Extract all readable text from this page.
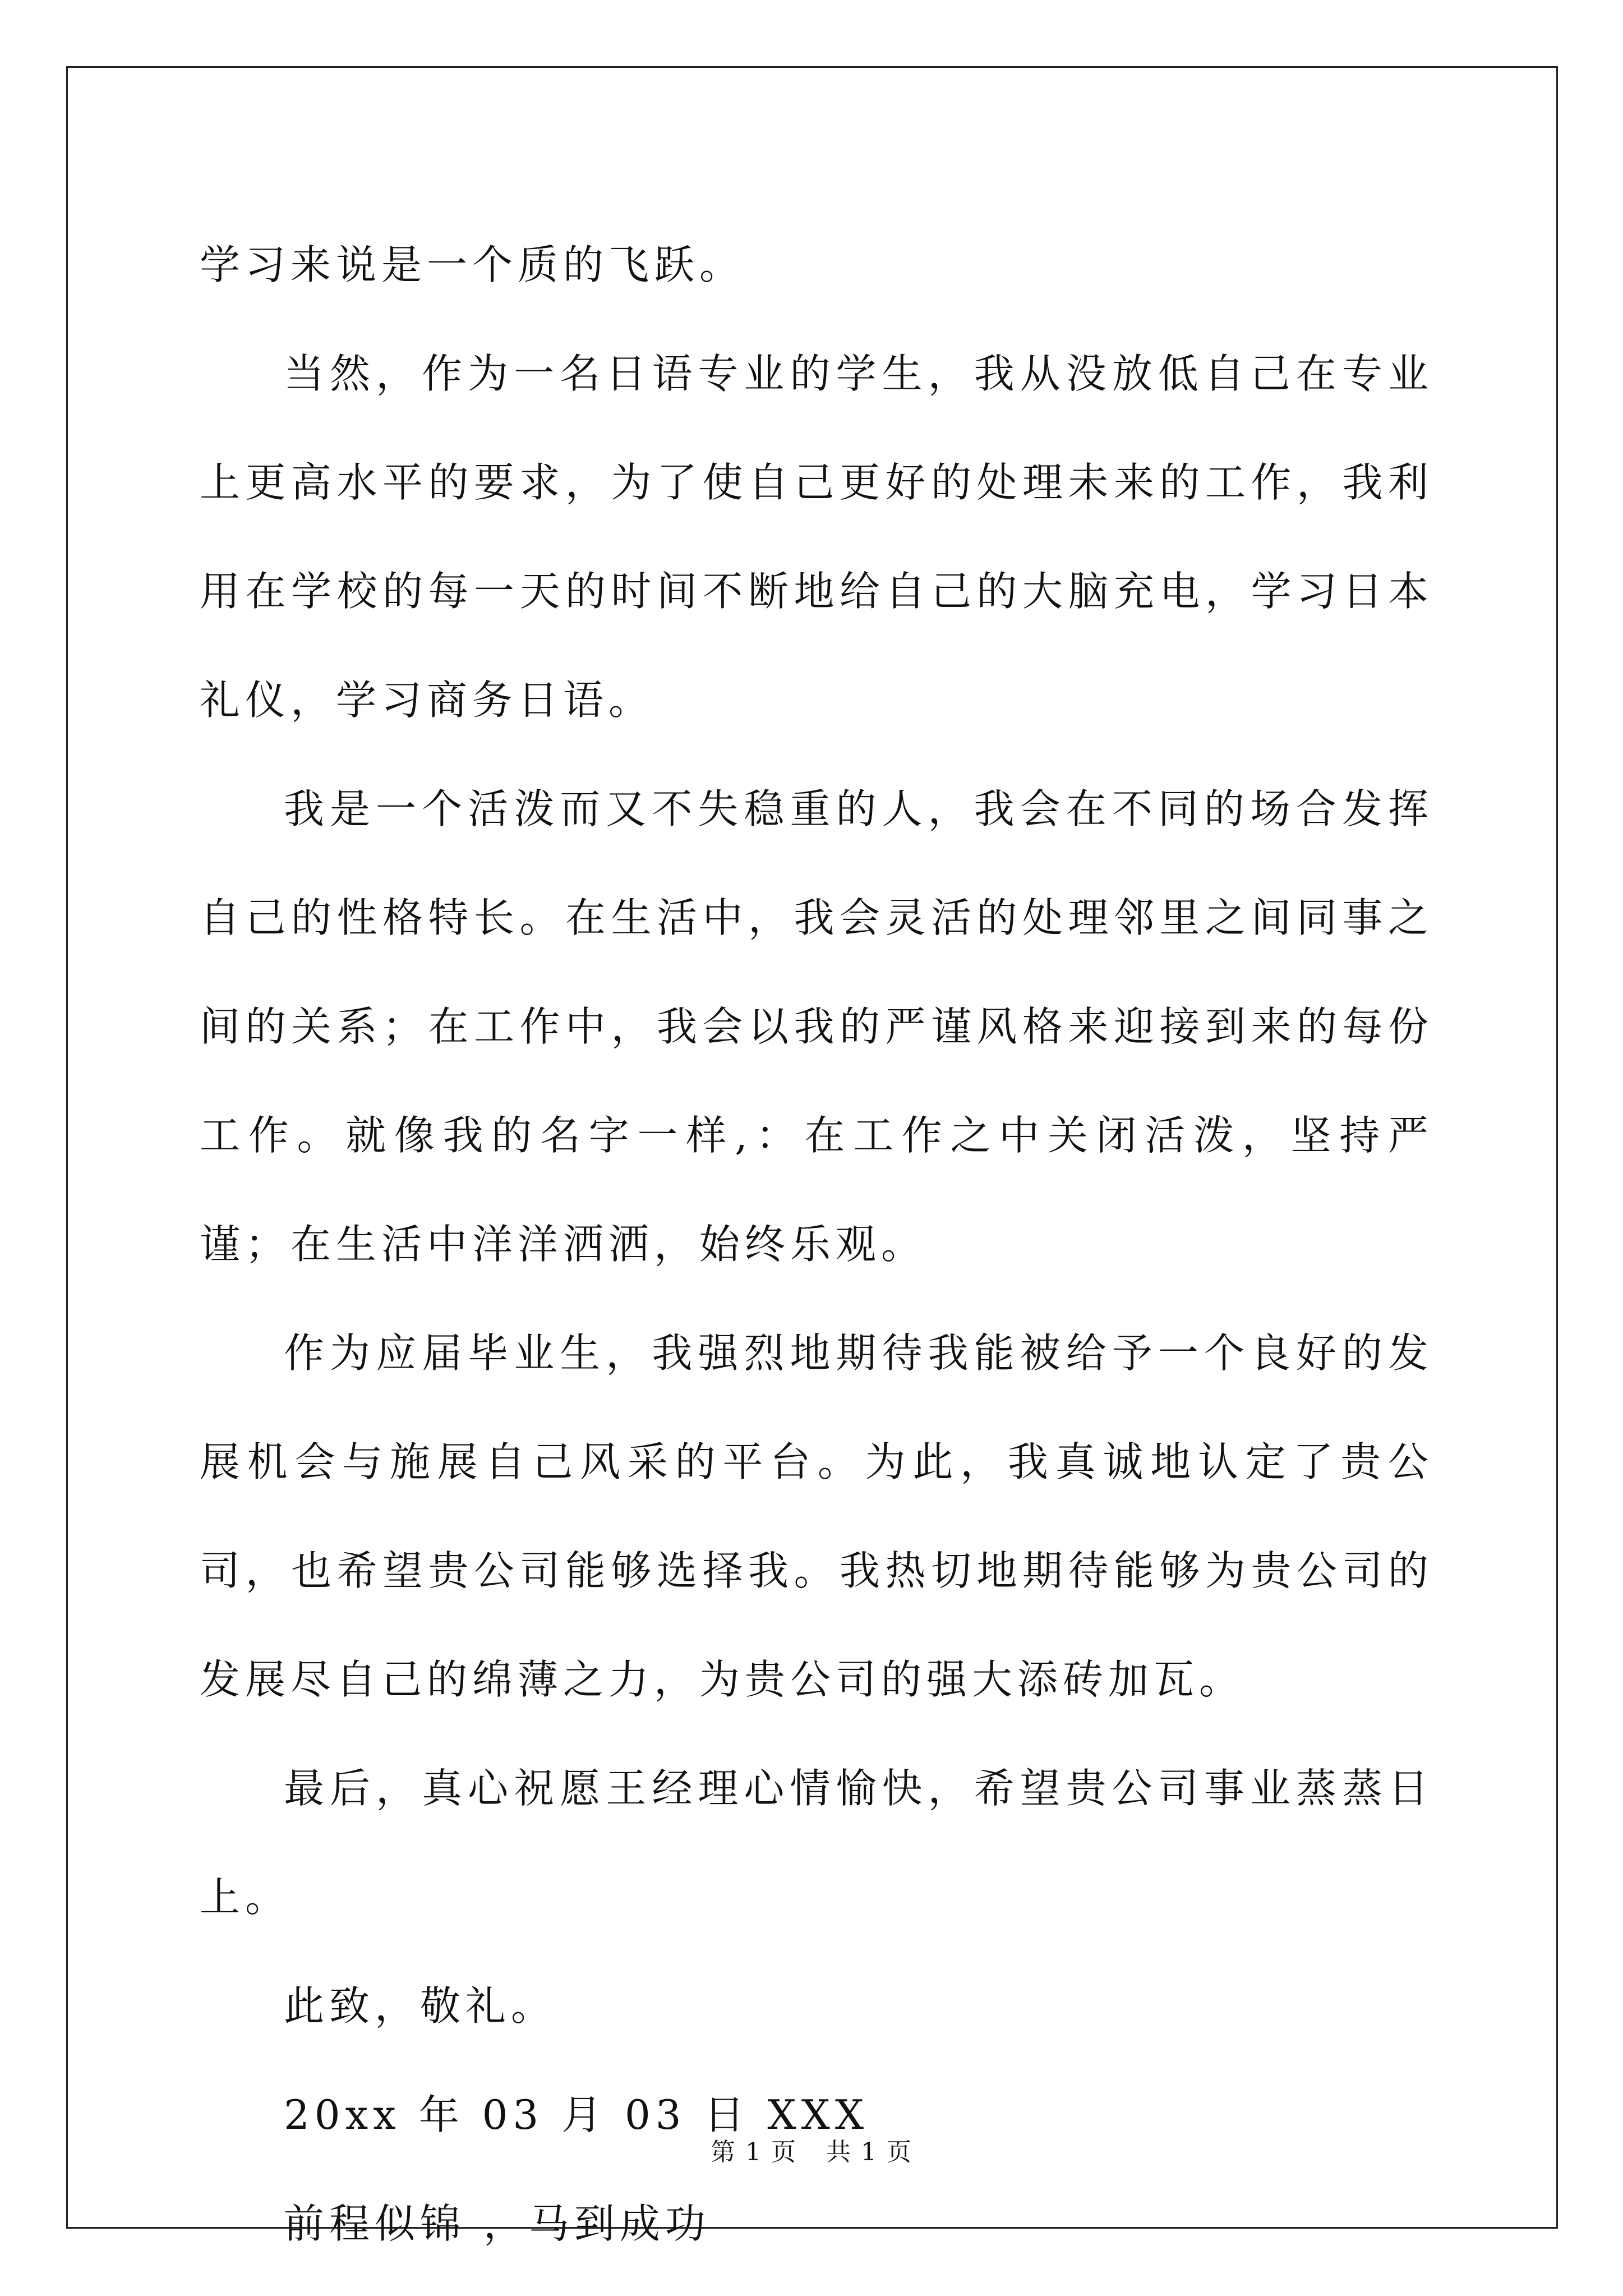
学习来说是一个质的飞跃。

当然，作为一名日语专业的学生，我从没放低自己在专业上更高水平的要求，为了使自己更好的处理未来的工作，我利用在学校的每一天的时间不断地给自己的大脑充电，学习日本礼仪，学习商务日语。

我是一个活泼而又不失稳重的人，我会在不同的场合发挥自己的性格特长。在生活中，我会灵活的处理邻里之间同事之间的关系；在工作中，我会以我的严谨风格来迎接到来的每份工作。就像我的名字一样,：在工作之中关闭活泼，坚持严谨；在生活中洋洋洒洒，始终乐观。

作为应届毕业生，我强烈地期待我能被给予一个良好的发展机会与施展自己风采的平台。为此，我真诚地认定了贵公司，也希望贵公司能够选择我。我热切地期待能够为贵公司的发展尽自己的绵薄之力，为贵公司的强大添砖加瓦。

最后，真心祝愿王经理心情愉快，希望贵公司事业蒸蒸日上。

此致，敬礼。

20xx 年 03 月 03 日 XXX

前程似锦 ，马到成功

第 1 页 共 1 页
